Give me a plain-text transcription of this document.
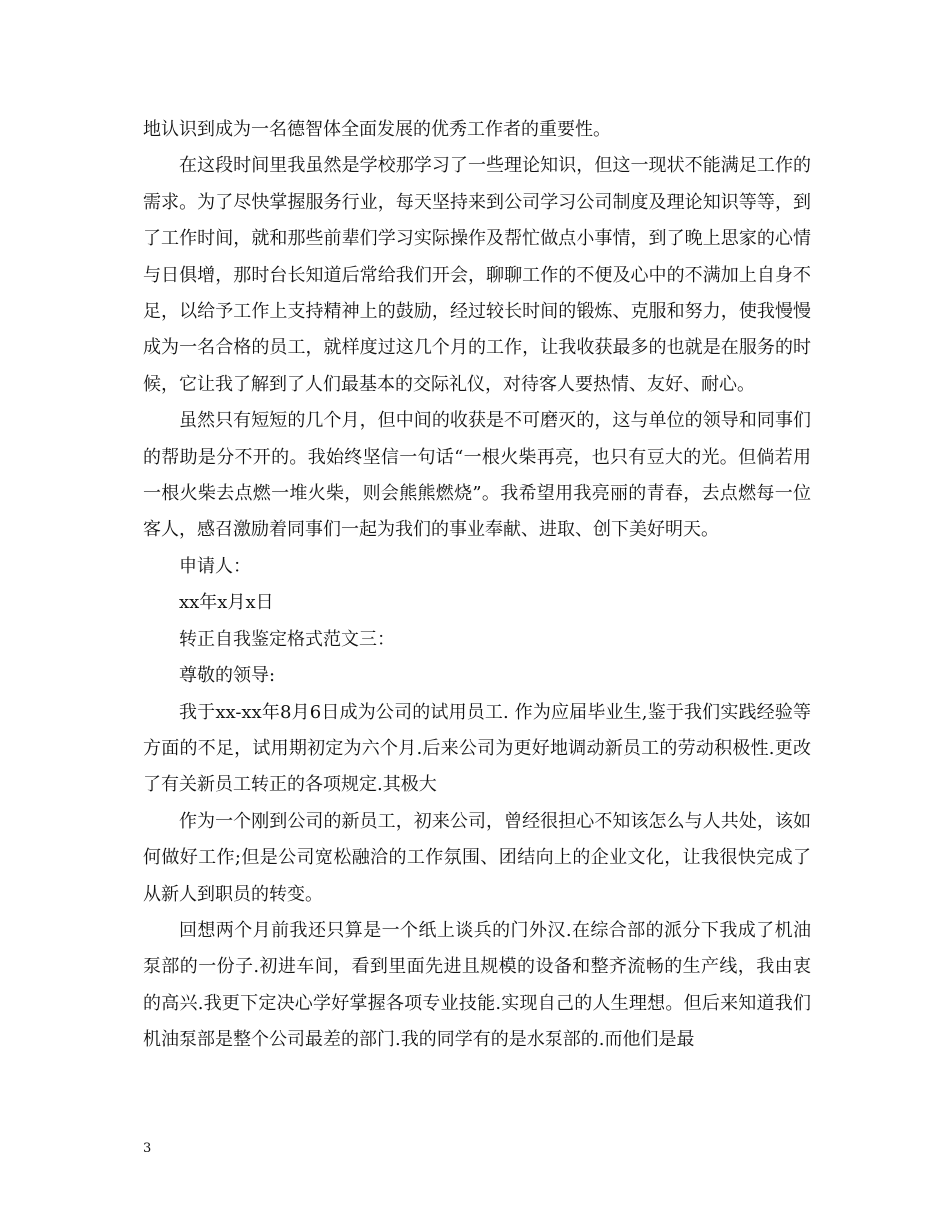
地认识到成为一名德智体全面发展的优秀工作者的重要性。

在这段时间里我虽然是学校那学习了一些理论知识，但这一现状不能满足工作的需求。为了尽快掌握服务行业，每天坚持来到公司学习公司制度及理论知识等等，到了工作时间，就和那些前辈们学习实际操作及帮忙做点小事情，到了晚上思家的心情与日俱增，那时台长知道后常给我们开会，聊聊工作的不便及心中的不满加上自身不足，以给予工作上支持精神上的鼓励，经过较长时间的锻炼、克服和努力，使我慢慢成为一名合格的员工，就样度过这几个月的工作，让我收获最多的也就是在服务的时候，它让我了解到了人们最基本的交际礼仪，对待客人要热情、友好、耐心。

虽然只有短短的几个月，但中间的收获是不可磨灭的，这与单位的领导和同事们的帮助是分不开的。我始终坚信一句话“一根火柴再亮，也只有豆大的光。但倘若用一根火柴去点燃一堆火柴，则会熊熊燃烧”。我希望用我亮丽的青春，去点燃每一位客人，感召激励着同事们一起为我们的事业奉献、进取、创下美好明天。

申请人：

xx年x月x日

转正自我鉴定格式范文三：

尊敬的领导:

我于xx-xx年8月6日成为公司的试用员工. 作为应届毕业生,鉴于我们实践经验等方面的不足，试用期初定为六个月.后来公司为更好地调动新员工的劳动积极性.更改了有关新员工转正的各项规定.其极大

作为一个刚到公司的新员工，初来公司，曾经很担心不知该怎么与人共处，该如何做好工作;但是公司宽松融洽的工作氛围、团结向上的企业文化，让我很快完成了从新人到职员的转变。

回想两个月前我还只算是一个纸上谈兵的门外汉.在综合部的派分下我成了机油泵部的一份子.初进车间，看到里面先进且规模的设备和整齐流畅的生产线，我由衷的高兴.我更下定决心学好掌握各项专业技能.实现自己的人生理想。但后来知道我们机油泵部是整个公司最差的部门.我的同学有的是水泵部的.而他们是最

3
